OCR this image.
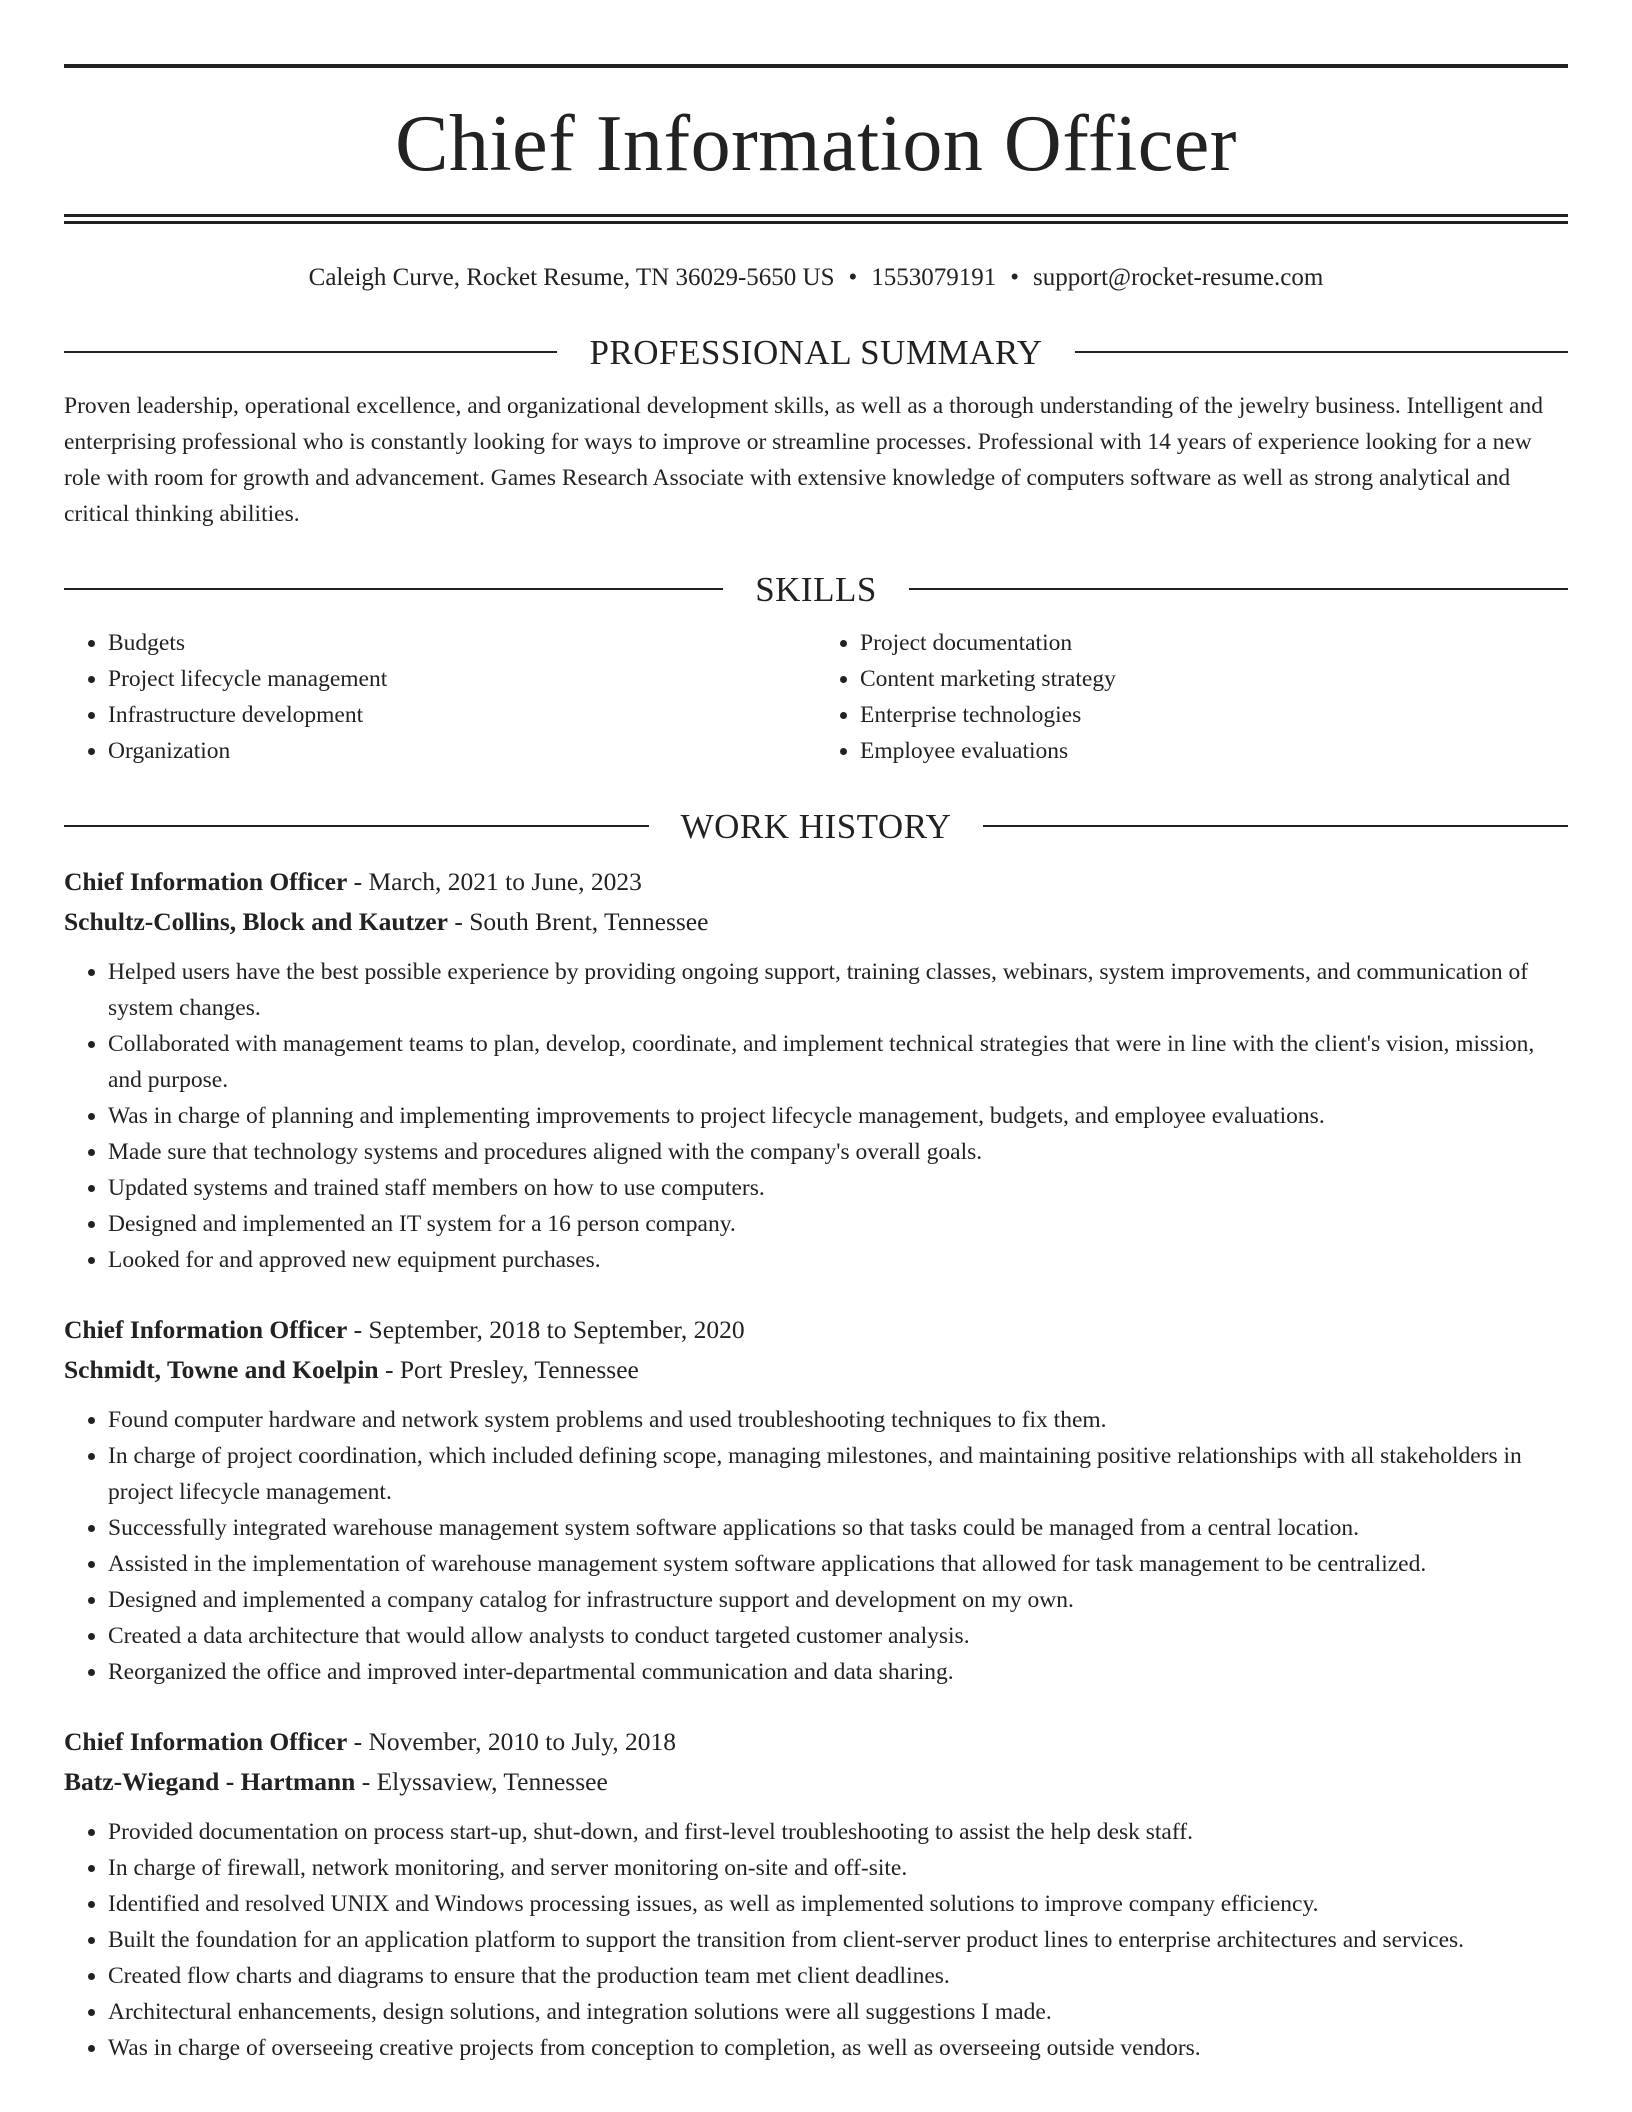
Chief Information Officer
Caleigh Curve, Rocket Resume, TN 36029-5650 US • 1553079191 • support@rocket-resume.com
PROFESSIONAL SUMMARY

Proven leadership, operational excellence, and organizational development skills, as well as a thorough understanding of the jewelry business. Intelligent and enterprising professional who is constantly looking for ways to improve or streamline processes. Professional with 14 years of experience looking for a new role with room for growth and advancement. Games Research Associate with extensive knowledge of computers software as well as strong analytical and critical thinking abilities.

SKILLS
• Budgets
• Project lifecycle management
• Infrastructure development
• Organization
• Project documentation
• Content marketing strategy
• Enterprise technologies
• Employee evaluations
WORK HISTORY

Chief Information Officer - March, 2021 to June, 2023

Schultz-Collins, Block and Kautzer - South Brent, Tennessee

• Helped users have the best possible experience by providing ongoing support, training classes, webinars, system improvements, and communication of system changes.
• Collaborated with management teams to plan, develop, coordinate, and implement technical strategies that were in line with the client's vision, mission, and purpose.
• Was in charge of planning and implementing improvements to project lifecycle management, budgets, and employee evaluations.
• Made sure that technology systems and procedures aligned with the company's overall goals.
• Updated systems and trained staff members on how to use computers.
• Designed and implemented an IT system for a 16 person company.
• Looked for and approved new equipment purchases.

Chief Information Officer - September, 2018 to September, 2020

Schmidt, Towne and Koelpin - Port Presley, Tennessee

• Found computer hardware and network system problems and used troubleshooting techniques to fix them.
• In charge of project coordination, which included defining scope, managing milestones, and maintaining positive relationships with all stakeholders in project lifecycle management.
• Successfully integrated warehouse management system software applications so that tasks could be managed from a central location.
• Assisted in the implementation of warehouse management system software applications that allowed for task management to be centralized.
• Designed and implemented a company catalog for infrastructure support and development on my own.
• Created a data architecture that would allow analysts to conduct targeted customer analysis.
• Reorganized the office and improved inter-departmental communication and data sharing.

Chief Information Officer - November, 2010 to July, 2018

Batz-Wiegand - Hartmann - Elyssaview, Tennessee

• Provided documentation on process start-up, shut-down, and first-level troubleshooting to assist the help desk staff.
• In charge of firewall, network monitoring, and server monitoring on-site and off-site.
• Identified and resolved UNIX and Windows processing issues, as well as implemented solutions to improve company efficiency.
• Built the foundation for an application platform to support the transition from client-server product lines to enterprise architectures and services.
• Created flow charts and diagrams to ensure that the production team met client deadlines.
• Architectural enhancements, design solutions, and integration solutions were all suggestions I made.
• Was in charge of overseeing creative projects from conception to completion, as well as overseeing outside vendors.
